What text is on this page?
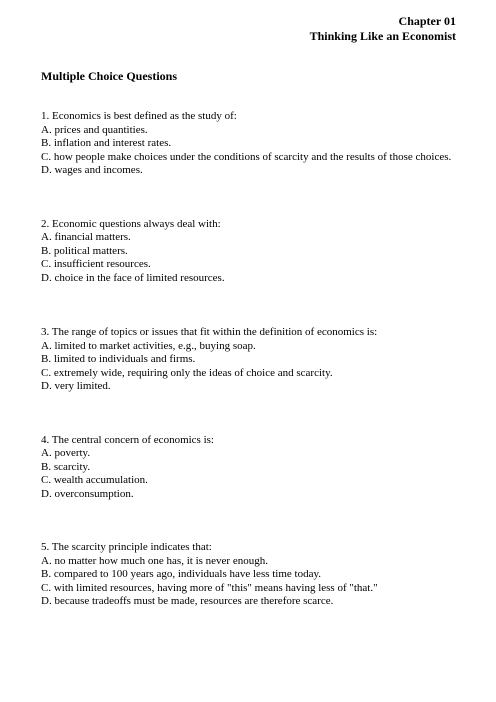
Chapter 01
Thinking Like an Economist
Multiple Choice Questions
1. Economics is best defined as the study of:
A. prices and quantities.
B. inflation and interest rates.
C. how people make choices under the conditions of scarcity and the results of those choices.
D. wages and incomes.
2. Economic questions always deal with:
A. financial matters.
B. political matters.
C. insufficient resources.
D. choice in the face of limited resources.
3. The range of topics or issues that fit within the definition of economics is:
A. limited to market activities, e.g., buying soap.
B. limited to individuals and firms.
C. extremely wide, requiring only the ideas of choice and scarcity.
D. very limited.
4. The central concern of economics is:
A. poverty.
B. scarcity.
C. wealth accumulation.
D. overconsumption.
5. The scarcity principle indicates that:
A. no matter how much one has, it is never enough.
B. compared to 100 years ago, individuals have less time today.
C. with limited resources, having more of "this" means having less of "that."
D. because tradeoffs must be made, resources are therefore scarce.
